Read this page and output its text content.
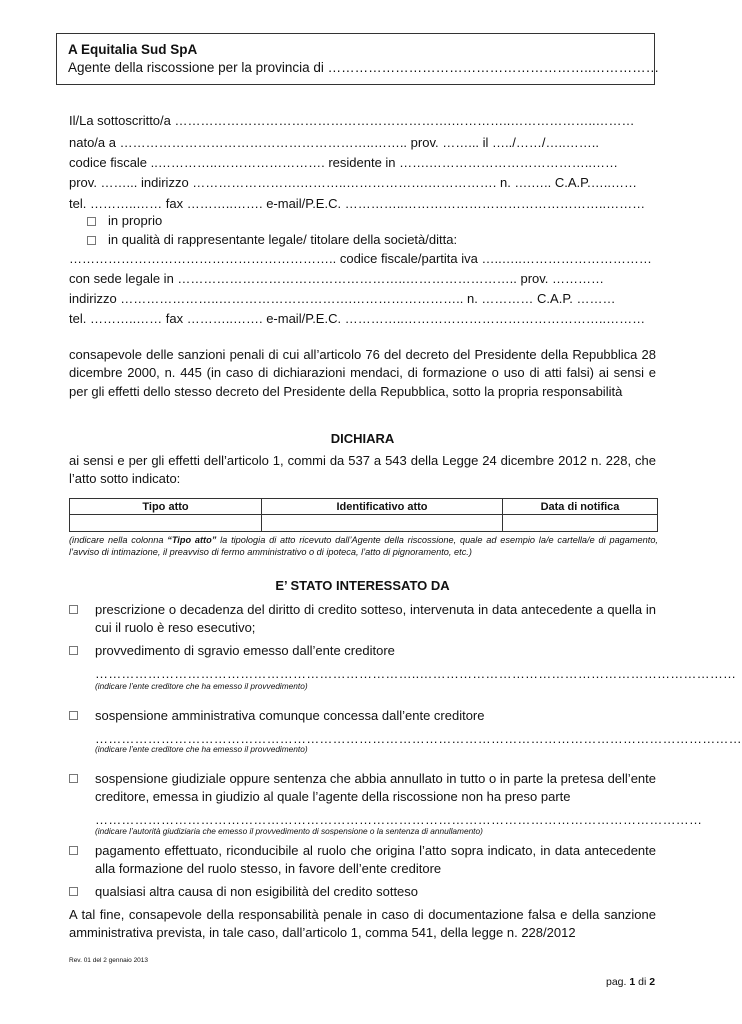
A Equitalia Sud SpA
Agente della riscossione per la provincia di …………………………………………………..……………
Il/La sottoscritto/a ……………………………………………………….…………..………………..………
nato/a a …………………………………………………..…….. prov. ……... il …../……/…..……..
codice fiscale ..…………..……………………. residente in …….………………………………..……
prov. ……... indirizzo …………………….………..……………….……………. n. ….….. C.A.P.…..……
tel. ………..…… fax ………..……. e-mail/P.E.C. …………..………………………………………..………
in proprio
in qualità di rappresentante legale/ titolare della società/ditta:
…………………………………………………….. codice fiscale/partita iva …..…..…………………………
con sede legale in ……………………………………………..…………………….. prov. …………
indirizzo …………………..………………………….…………………….. n. ………… C.A.P. ………
tel. ………..…… fax ………..……. e-mail/P.E.C. …………..………………………………………..………
consapevole delle sanzioni penali di cui all’articolo 76 del decreto del Presidente della Repubblica 28 dicembre 2000, n. 445 (in caso di dichiarazioni mendaci, di formazione o uso di atti falsi) ai sensi e per gli effetti dello stesso decreto del Presidente della Repubblica, sotto la propria responsabilità
DICHIARA
ai sensi e per gli effetti dell’articolo 1, commi da 537 a 543 della Legge 24 dicembre 2012 n. 228, che l’atto sotto indicato:
Tipo atto	Identificativo atto	Data di notifica

(indicare nella colonna “Tipo atto” la tipologia di atto ricevuto dall’Agente della riscossione, quale ad esempio la/e cartella/e di pagamento, l’avviso di intimazione, il preavviso di fermo amministrativo o di ipoteca, l’atto di pignoramento, etc.)
E’ STATO INTERESSATO DA
prescrizione o decadenza del diritto di credito sotteso, intervenuta in data antecedente a quella in cui il ruolo è reso esecutivo;
provvedimento di sgravio emesso dall’ente creditore
………………………………………………………………..………………………………………………………………
(indicare l’ente creditore che ha emesso il provvedimento)
sospensione amministrativa comunque concessa dall’ente creditore
…………………………………………………………………………………………………………………………………
(indicare l’ente creditore che ha emesso il provvedimento)
sospensione giudiziale oppure sentenza che abbia annullato in tutto o in parte la pretesa dell’ente creditore, emessa in giudizio al quale l’agente della riscossione non ha preso parte
…………………………………………………………………………………………………………………………
(indicare l’autorità giudiziaria che emesso il provvedimento di sospensione o la sentenza di annullamento)
pagamento effettuato, riconducibile al ruolo che origina l’atto sopra indicato, in data antecedente alla formazione del ruolo stesso, in favore dell’ente creditore
qualsiasi altra causa di non esigibilità del credito sotteso
A tal fine, consapevole della responsabilità penale in caso di documentazione falsa e della sanzione amministrativa prevista, in tale caso, dall’articolo 1, comma 541, della legge n. 228/2012
Rev. 01 del 2 gennaio 2013
pag. 1 di 2
